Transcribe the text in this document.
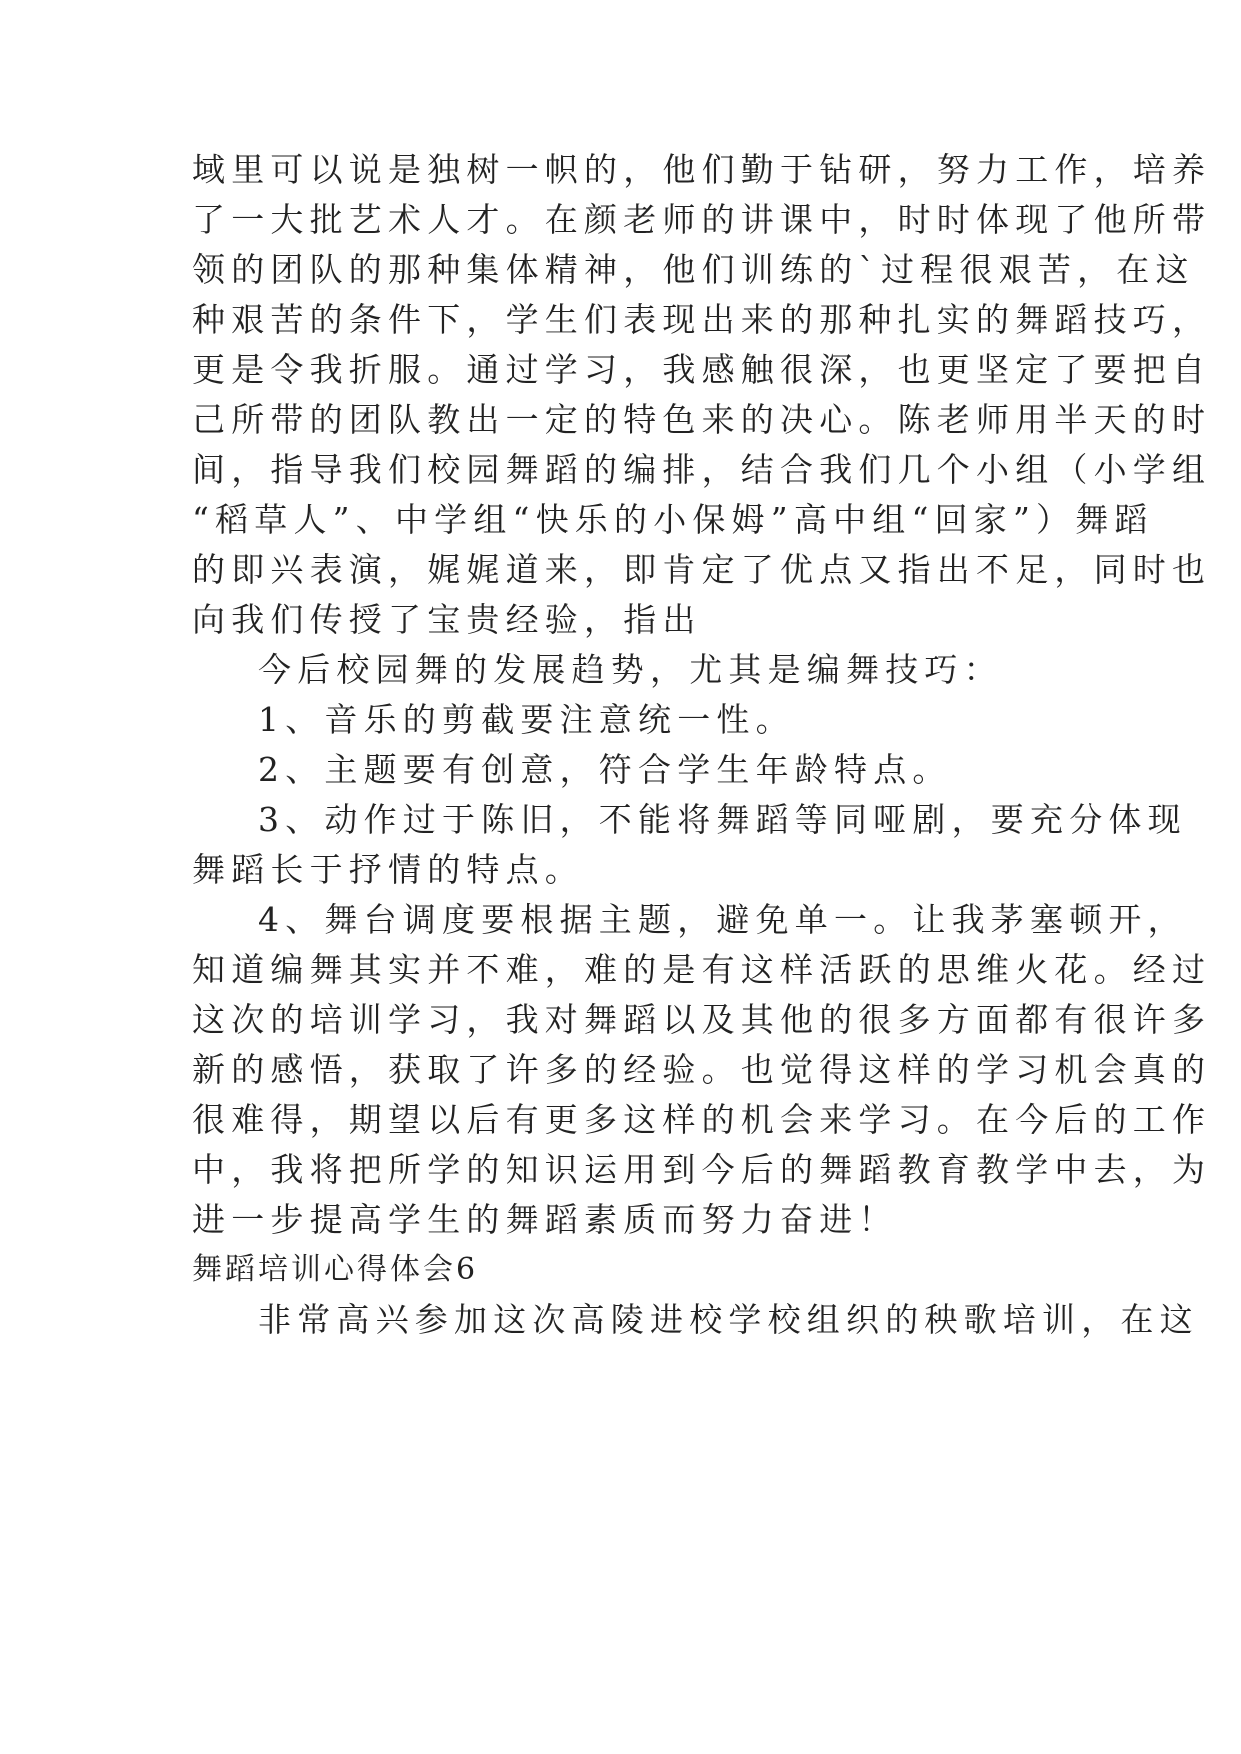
域里可以说是独树一帜的，他们勤于钻研，努力工作，培养
了一大批艺术人才。在颜老师的讲课中，时时体现了他所带
领的团队的那种集体精神，他们训练的`过程很艰苦，在这
种艰苦的条件下，学生们表现出来的那种扎实的舞蹈技巧，
更是令我折服。通过学习，我感触很深，也更坚定了要把自
己所带的团队教出一定的特色来的决心。陈老师用半天的时
间，指导我们校园舞蹈的编排，结合我们几个小组（小学组
“稻草人”、中学组“快乐的小保姆”高中组“回家”）舞蹈
的即兴表演，娓娓道来，即肯定了优点又指出不足，同时也
向我们传授了宝贵经验，指出
今后校园舞的发展趋势，尤其是编舞技巧：
1、音乐的剪截要注意统一性。
2、主题要有创意，符合学生年龄特点。
3、动作过于陈旧，不能将舞蹈等同哑剧，要充分体现
舞蹈长于抒情的特点。
4、舞台调度要根据主题，避免单一。让我茅塞顿开，
知道编舞其实并不难，难的是有这样活跃的思维火花。经过
这次的培训学习，我对舞蹈以及其他的很多方面都有很许多
新的感悟，获取了许多的经验。也觉得这样的学习机会真的
很难得，期望以后有更多这样的机会来学习。在今后的工作
中，我将把所学的知识运用到今后的舞蹈教育教学中去，为
进一步提高学生的舞蹈素质而努力奋进！
舞蹈培训心得体会6
非常高兴参加这次高陵进校学校组织的秧歌培训，在这
